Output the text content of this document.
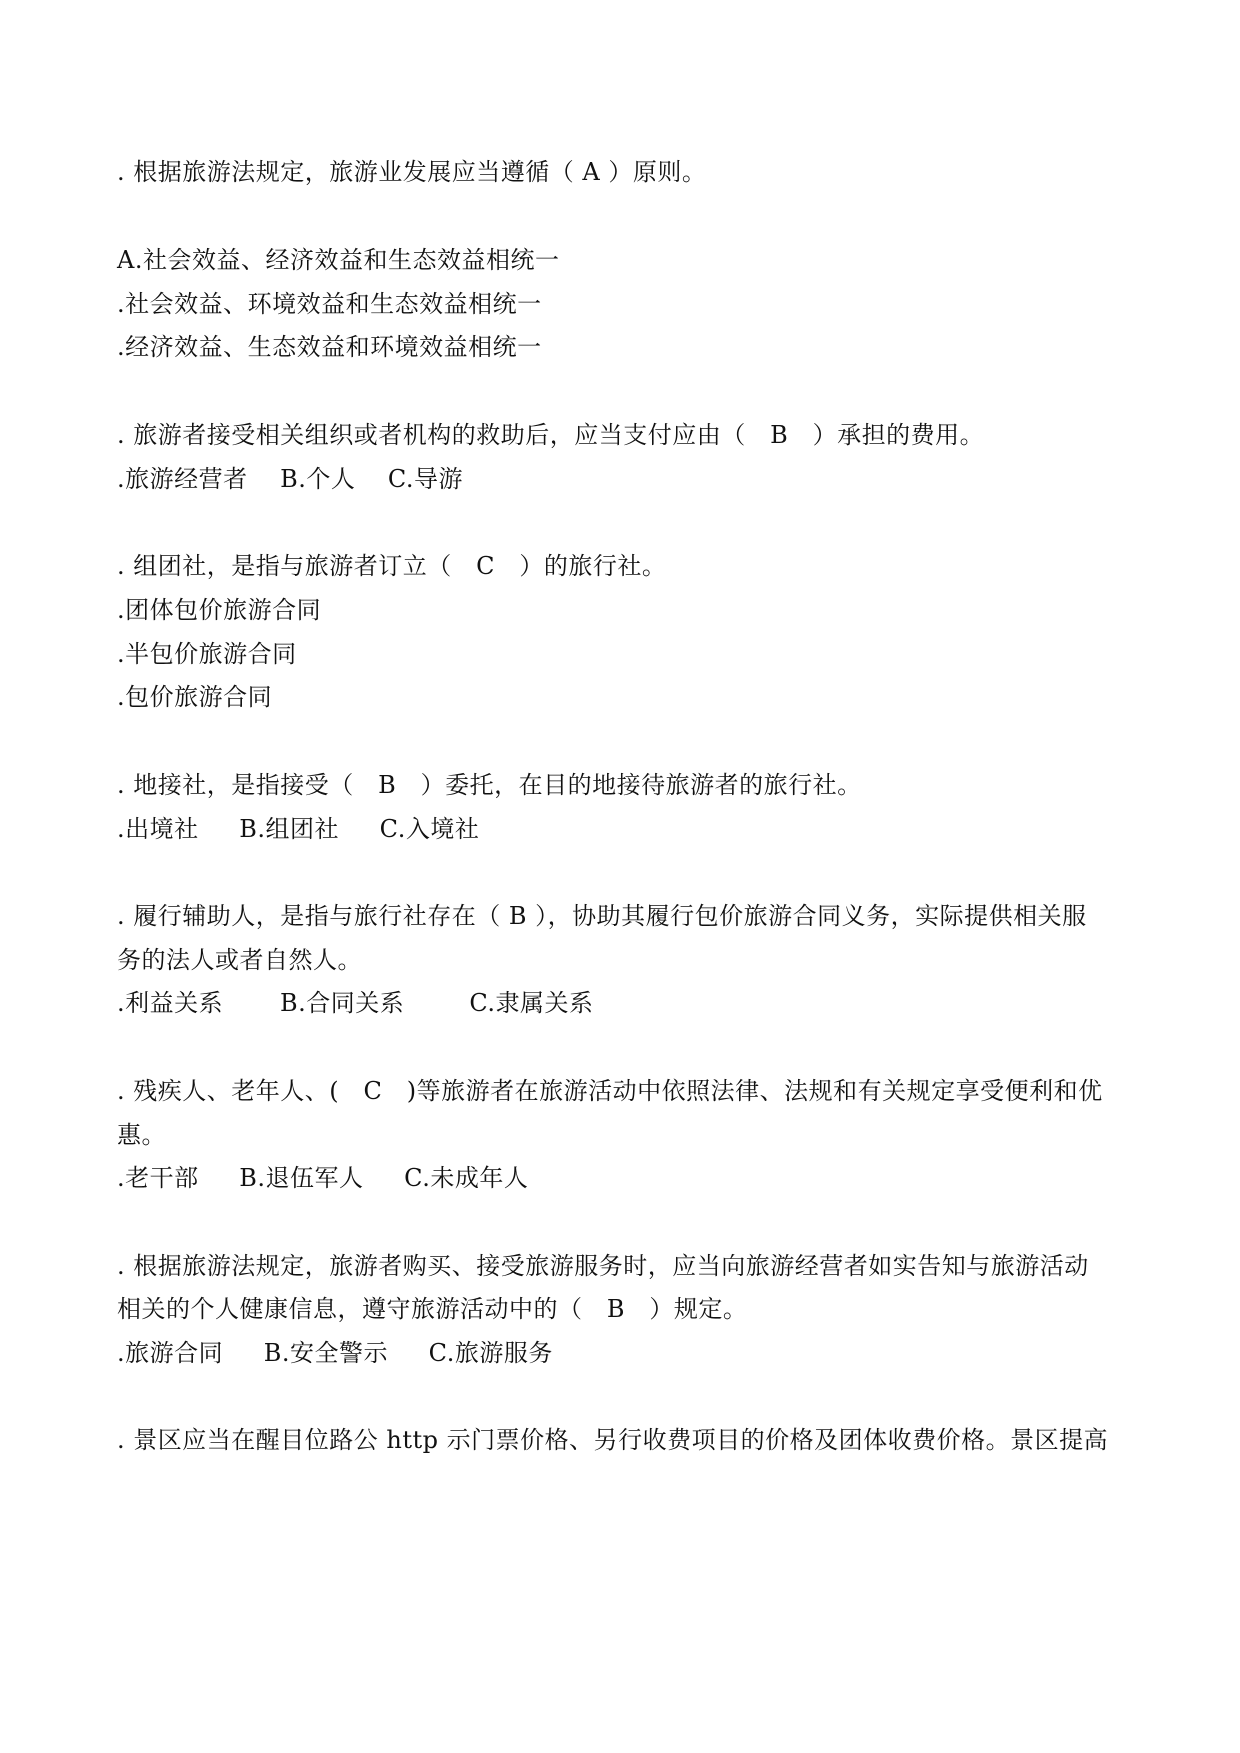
. 根据旅游法规定，旅游业发展应当遵循（ A ）原则。
A.社会效益、经济效益和生态效益相统一
.社会效益、环境效益和生态效益相统一
.经济效益、生态效益和环境效益相统一
. 旅游者接受相关组织或者机构的救助后，应当支付应由（   B   ）承担的费用。
.旅游经营者    B.个人    C.导游
. 组团社，是指与旅游者订立（   C   ）的旅行社。
.团体包价旅游合同
.半包价旅游合同
.包价旅游合同
. 地接社，是指接受（   B   ）委托，在目的地接待旅游者的旅行社。
.出境社     B.组团社     C.入境社
. 履行辅助人，是指与旅行社存在（ B ），协助其履行包价旅游合同义务，实际提供相关服
务的法人或者自然人。
.利益关系       B.合同关系        C.隶属关系
. 残疾人、老年人、(   C   )等旅游者在旅游活动中依照法律、法规和有关规定享受便利和优
惠。
.老干部     B.退伍军人     C.未成年人
. 根据旅游法规定，旅游者购买、接受旅游服务时，应当向旅游经营者如实告知与旅游活动
相关的个人健康信息，遵守旅游活动中的（   B   ）规定。
.旅游合同     B.安全警示     C.旅游服务
. 景区应当在醒目位路公 http 示门票价格、另行收费项目的价格及团体收费价格。景区提高
